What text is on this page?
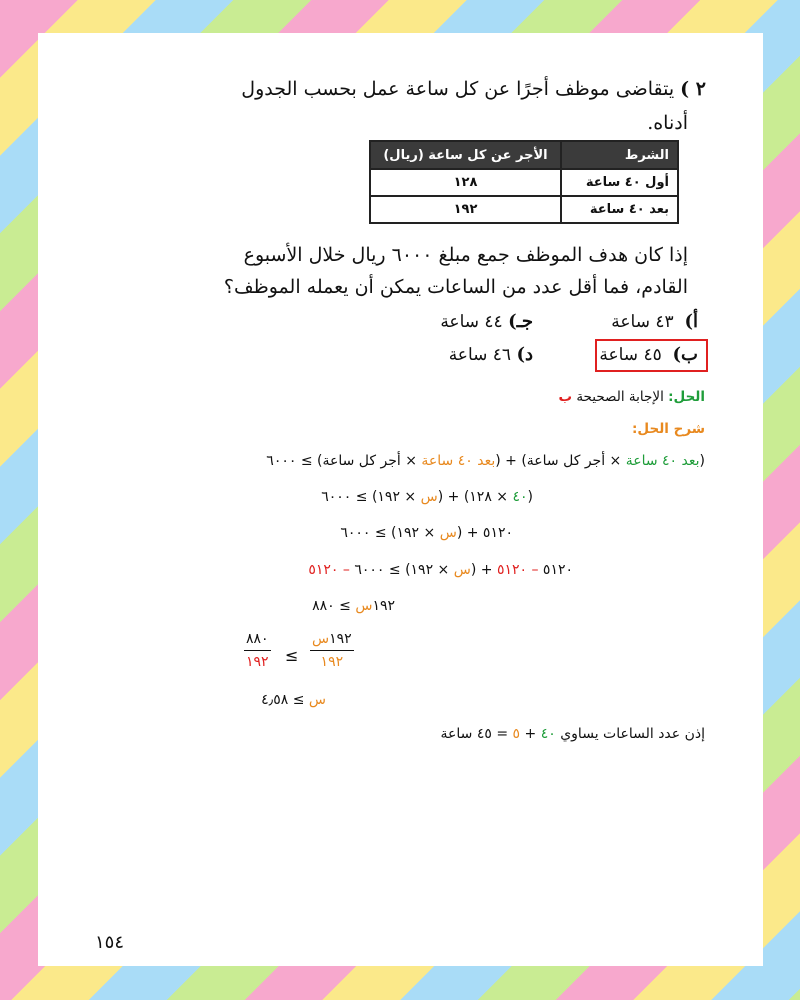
٢ )يتقاضى موظف أجرًا عن كل ساعة عمل بحسب الجدول
أدناه.
الشرط	الأجر عن كل ساعة (ريال)
أول ٤٠ ساعة	١٢٨
بعد ٤٠ ساعة	١٩٢
إذا كان هدف الموظف جمع مبلغ ٦٠٠٠ ريال خلال الأسبوع
القادم، فما أقل عدد من الساعات يمكن أن يعمله الموظف؟
أ)  ٤٣ ساعة
جـ) ٤٤ ساعة
ب)  ٤٥ ساعة
د) ٤٦ ساعة
الحل: الإجابة الصحيحة ب
شرح الحل:
(بعد ٤٠ ساعة × أجر كل ساعة) + (بعد ٤٠ ساعة × أجر كل ساعة) ≥ ٦٠٠٠
(٤٠ × ١٢٨) + (س × ١٩٢) ≥ ٦٠٠٠
٥١٢٠ + (س × ١٩٢) ≥ ٦٠٠٠
٥١٢٠ – ٥١٢٠ + (س × ١٩٢) ≥ ٦٠٠٠ – ٥١٢٠
١٩٢س ≥ ٨٨٠
١٩٢س
١٩٢
≥
٨٨٠
١٩٢
س ≥ ٤٫٥٨
إذن عدد الساعات يساوي ٤٠ + ٥ = ٤٥ ساعة
١٥٤
